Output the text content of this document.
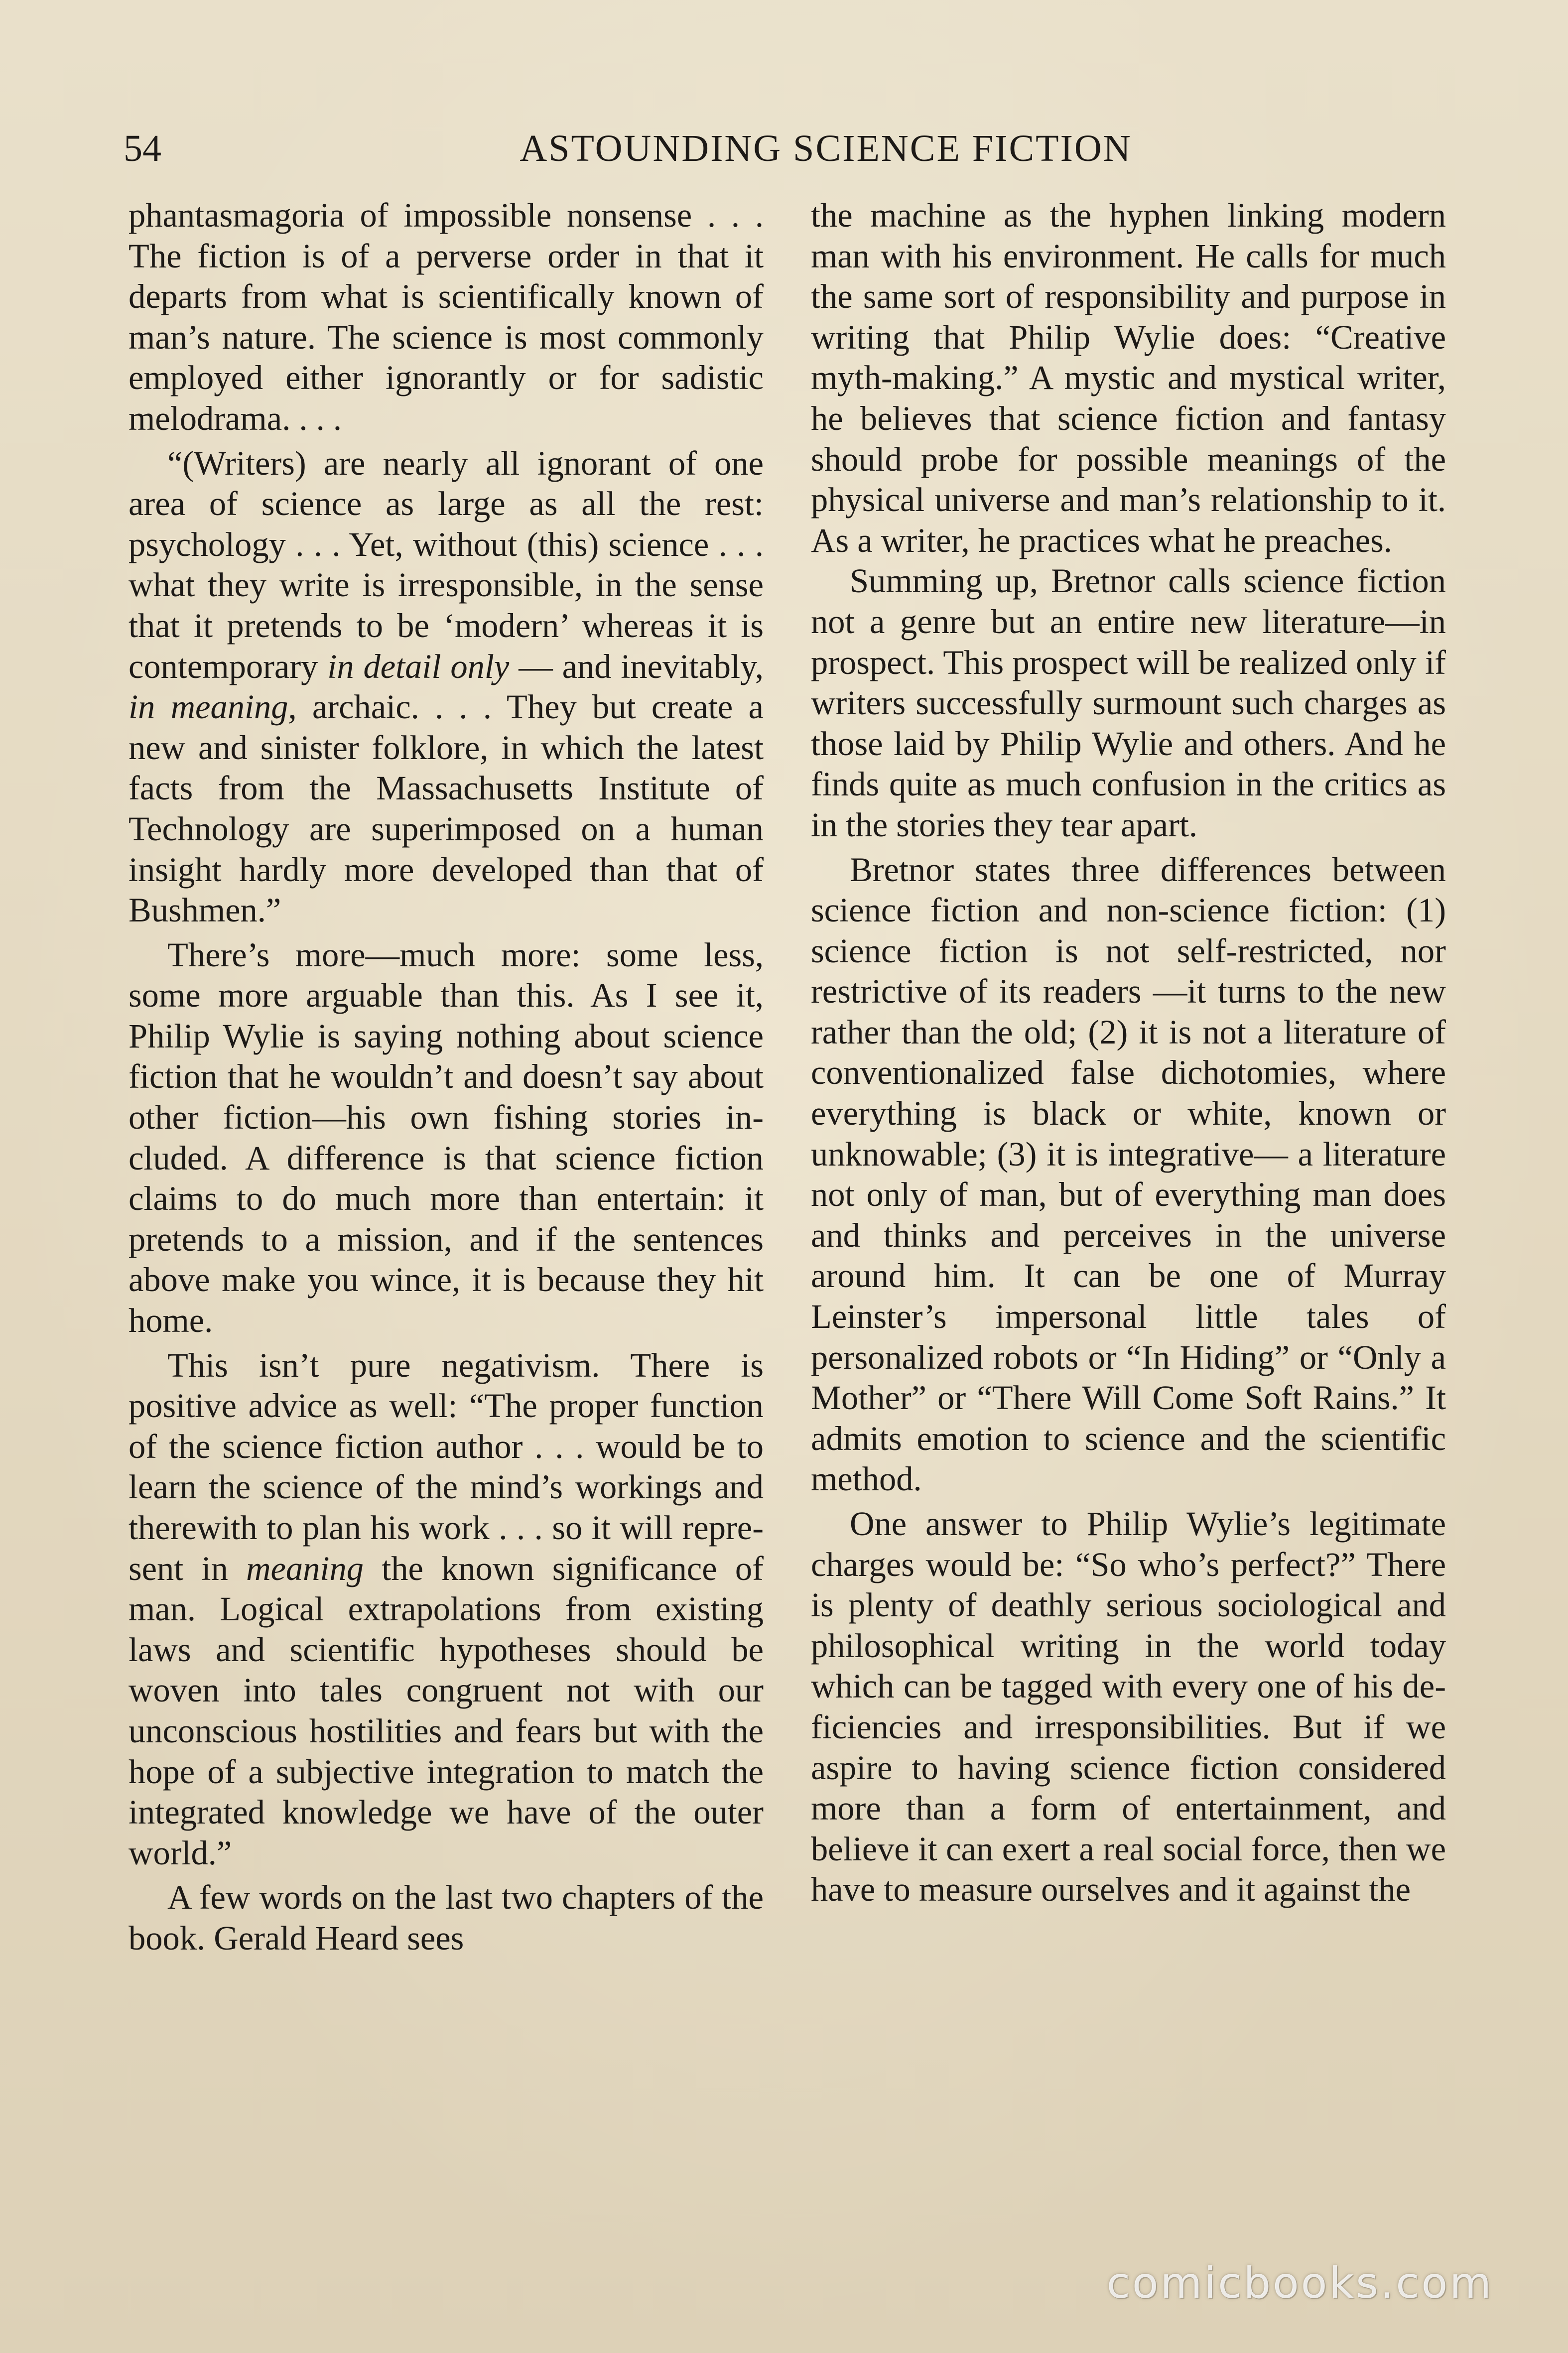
54	ASTOUNDING SCIENCE FICTION

phantasmagoria of impossible nonsense . . . The fiction is of a perverse order in that it departs from what is scientifically known of man’s nature. The science is most commonly employed either ignorantly or for sadistic melodrama. . . .

“(Writers) are nearly all ignorant of one area of science as large as all the rest: psychology . . . Yet, without (this) science . . . what they write is irresponsible, in the sense that it pretends to be ‘modern’ whereas it is contemporary in detail only — and inevitably, in meaning, archaic. . . . They but create a new and sinister folklore, in which the latest facts from the Massachusetts Institute of Technology are superimposed on a human insight hardly more developed than that of Bushmen.”

There’s more—much more: some less, some more arguable than this. As I see it, Philip Wylie is saying nothing about science fiction that he wouldn’t and doesn’t say about other fiction—his own fishing stories included. A difference is that science fiction claims to do much more than entertain: it pretends to a mission, and if the sentences above make you wince, it is because they hit home.

This isn’t pure negativism. There is positive advice as well: “The proper function of the science fiction author . . . would be to learn the science of the mind’s workings and therewith to plan his work . . . so it will represent in meaning the known significance of man. Logical extrapolations from existing laws and scientific hypotheses should be woven into tales congruent not with our unconscious hostilities and fears but with the hope of a subjective integration to match the integrated knowledge we have of the outer world.”

A few words on the last two chapters of the book. Gerald Heard sees

the machine as the hyphen linking modern man with his environment. He calls for much the same sort of responsibility and purpose in writing that Philip Wylie does: “Creative myth-making.” A mystic and mystical writer, he believes that science fiction and fantasy should probe for possible meanings of the physical universe and man’s relationship to it. As a writer, he practices what he preaches.

Summing up, Bretnor calls science fiction not a genre but an entire new literature—in prospect. This prospect will be realized only if writers successfully surmount such charges as those laid by Philip Wylie and others. And he finds quite as much confusion in the critics as in the stories they tear apart.

Bretnor states three differences between science fiction and non-science fiction: (1) science fiction is not self-restricted, nor restrictive of its readers —it turns to the new rather than the old; (2) it is not a literature of conventionalized false dichotomies, where everything is black or white, known or unknowable; (3) it is integrative— a literature not only of man, but of everything man does and thinks and perceives in the universe around him. It can be one of Murray Leinster’s impersonal little tales of personalized robots or “In Hiding” or “Only a Mother” or “There Will Come Soft Rains.” It admits emotion to science and the scientific method.

One answer to Philip Wylie’s legitimate charges would be: “So who’s perfect?” There is plenty of deathly serious sociological and philosophical writing in the world today which can be tagged with every one of his deficiencies and irresponsibilities. But if we aspire to having science fiction considered more than a form of entertainment, and believe it can exert a real social force, then we have to measure ourselves and it against the

comicbooks.com
